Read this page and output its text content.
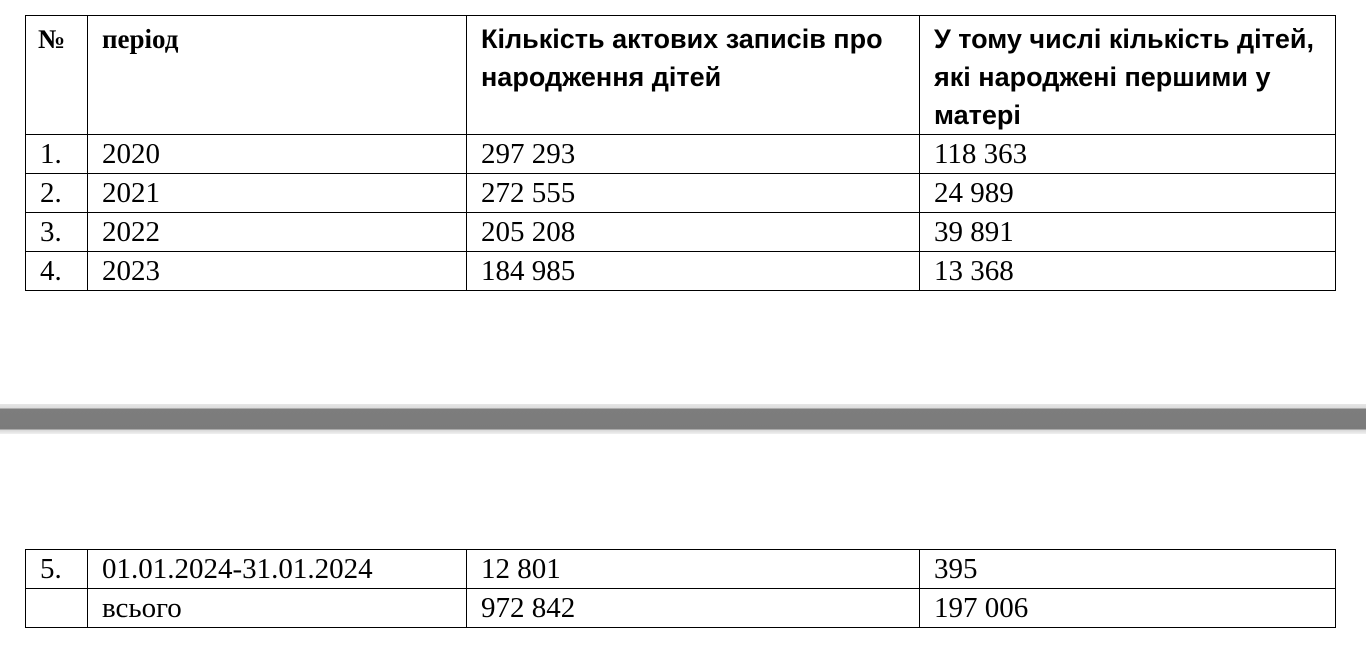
№	період	Кількість актових записів про народження дітей	У тому числі кількість дітей, які народжені першими у матері
1.	2020	297 293	118 363
2.	2021	272 555	24 989
3.	2022	205 208	39 891
4.	2023	184 985	13 368
5.	01.01.2024-31.01.2024	12 801	395
	всього	972 842	197 006
